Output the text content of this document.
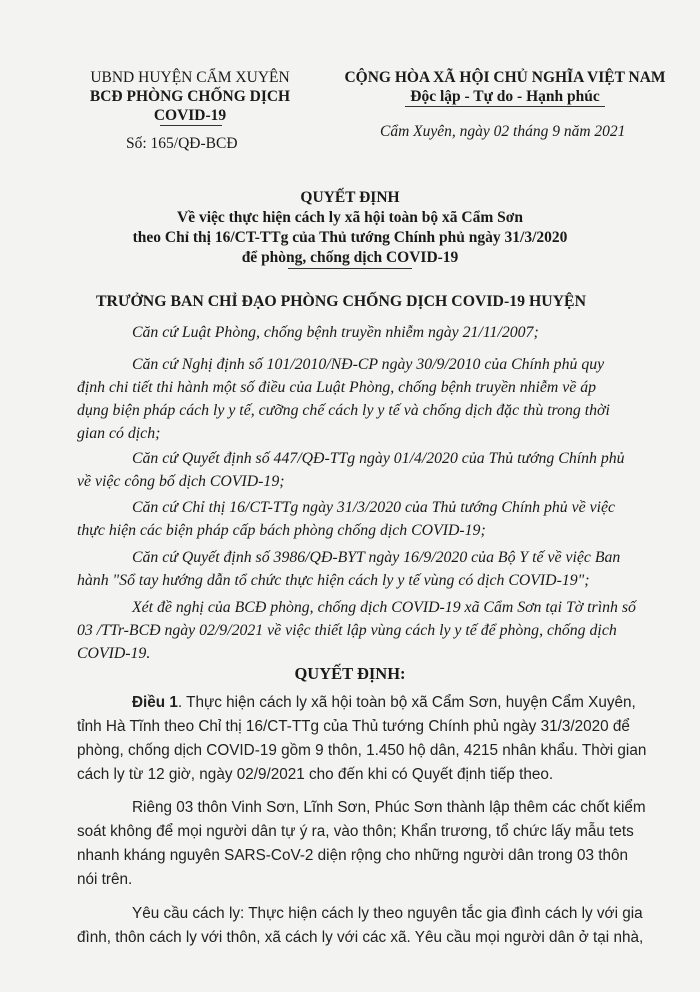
UBND HUYỆN CẨM XUYÊN
BCĐ PHÒNG CHỐNG DỊCH
COVID-19
Số: 165/QĐ-BCĐ
CỘNG HÒA XÃ HỘI CHỦ NGHĨA VIỆT NAM
Độc lập - Tự do - Hạnh phúc
Cẩm Xuyên, ngày 02 tháng 9 năm 2021
QUYẾT ĐỊNH
Về việc thực hiện cách ly xã hội toàn bộ xã Cẩm Sơn
theo Chỉ thị 16/CT-TTg của Thủ tướng Chính phủ ngày 31/3/2020
để phòng, chống dịch COVID-19
TRƯỞNG BAN CHỈ ĐẠO PHÒNG CHỐNG DỊCH COVID-19 HUYỆN
Căn cứ Luật Phòng, chống bệnh truyền nhiễm ngày 21/11/2007;
Căn cứ Nghị định số 101/2010/NĐ-CP ngày 30/9/2010 của Chính phủ quy
định chi tiết thi hành một số điều của Luật Phòng, chống bệnh truyền nhiễm về áp
dụng biện pháp cách ly y tế, cưỡng chế cách ly y tế và chống dịch đặc thù trong thời
gian có dịch;
Căn cứ Quyết định số 447/QĐ-TTg ngày 01/4/2020 của Thủ tướng Chính phủ
về việc công bố dịch COVID-19;
Căn cứ Chỉ thị 16/CT-TTg ngày 31/3/2020 của Thủ tướng Chính phủ về việc
thực hiện các biện pháp cấp bách phòng chống dịch COVID-19;
Căn cứ Quyết định số 3986/QĐ-BYT ngày 16/9/2020 của Bộ Y tế về việc Ban
hành "Sổ tay hướng dẫn tổ chức thực hiện cách ly y tế vùng có dịch COVID-19";
Xét đề nghị của BCĐ phòng, chống dịch COVID-19 xã Cẩm Sơn tại Tờ trình số
03 /TTr-BCĐ ngày 02/9/2021 về việc thiết lập vùng cách ly y tế để phòng, chống dịch
COVID-19.
QUYẾT ĐỊNH:
Điều 1. Thực hiện cách ly xã hội toàn bộ xã Cẩm Sơn, huyện Cẩm Xuyên,
tỉnh Hà Tĩnh theo Chỉ thị 16/CT-TTg của Thủ tướng Chính phủ ngày 31/3/2020 để
phòng, chống dịch COVID-19 gồm 9 thôn, 1.450 hộ dân, 4215 nhân khẩu. Thời gian
cách ly từ 12 giờ, ngày 02/9/2021 cho đến khi có Quyết định tiếp theo.
Riêng 03 thôn Vinh Sơn, Lĩnh Sơn, Phúc Sơn thành lập thêm các chốt kiểm
soát không để mọi người dân tự ý ra, vào thôn; Khẩn trương, tổ chức lấy mẫu tets
nhanh kháng nguyên SARS-CoV-2 diện rộng cho những người dân trong 03 thôn
nói trên.
Yêu cầu cách ly: Thực hiện cách ly theo nguyên tắc gia đình cách ly với gia
đình, thôn cách ly với thôn, xã cách ly với các xã. Yêu cầu mọi người dân ở tại nhà,
